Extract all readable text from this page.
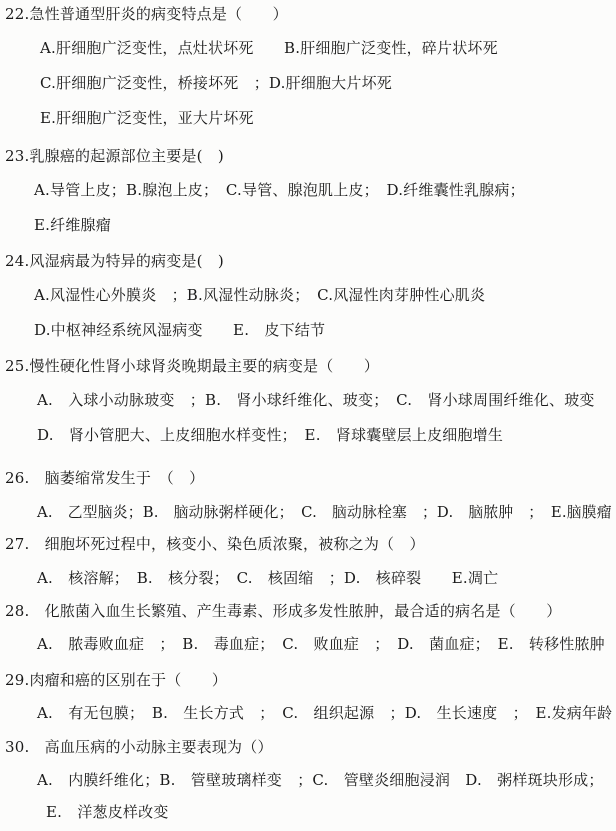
22.急性普通型肝炎的病变特点是（　　）
A.肝细胞广泛变性，点灶状坏死　　B.肝细胞广泛变性，碎片状坏死
C.肝细胞广泛变性，桥接坏死　；D.肝细胞大片坏死
E.肝细胞广泛变性，亚大片坏死
23.乳腺癌的起源部位主要是(　)
A.导管上皮；B.腺泡上皮；　C.导管、腺泡肌上皮；　D.纤维囊性乳腺病；
E.纤维腺瘤
24.风湿病最为特异的病变是(　)
A.风湿性心外膜炎　；B.风湿性动脉炎；　C.风湿性肉芽肿性心肌炎
D.中枢神经系统风湿病变　　E.　皮下结节
25.慢性硬化性肾小球肾炎晚期最主要的病变是（　　）
A.　入球小动脉玻变　；B.　肾小球纤维化、玻变；　C.　肾小球周围纤维化、玻变
D.　肾小管肥大、上皮细胞水样变性；　E.　肾球囊壁层上皮细胞增生
26.　脑萎缩常发生于　（　）
A.　乙型脑炎；B.　脑动脉粥样硬化；　C.　脑动脉栓塞　；D.　脑脓肿　；　E.脑膜瘤
27.　细胞坏死过程中，核变小、染色质浓聚，被称之为（　）
A.　核溶解；　B.　核分裂；　C.　核固缩　；D.　核碎裂　　E.凋亡
28.　化脓菌入血生长繁殖、产生毒素、形成多发性脓肿，最合适的病名是（　　）
A.　脓毒败血症　；　B.　毒血症；　C.　败血症　；　D.　菌血症；　E.　转移性脓肿
29.肉瘤和癌的区别在于（　　）
A.　有无包膜；　B.　生长方式　；　C.　组织起源　；D.　生长速度　；　E.发病年龄
30.　高血压病的小动脉主要表现为（）
A.　内膜纤维化；B.　管壁玻璃样变　；C.　管壁炎细胞浸润　D.　粥样斑块形成；
E.　洋葱皮样改变
